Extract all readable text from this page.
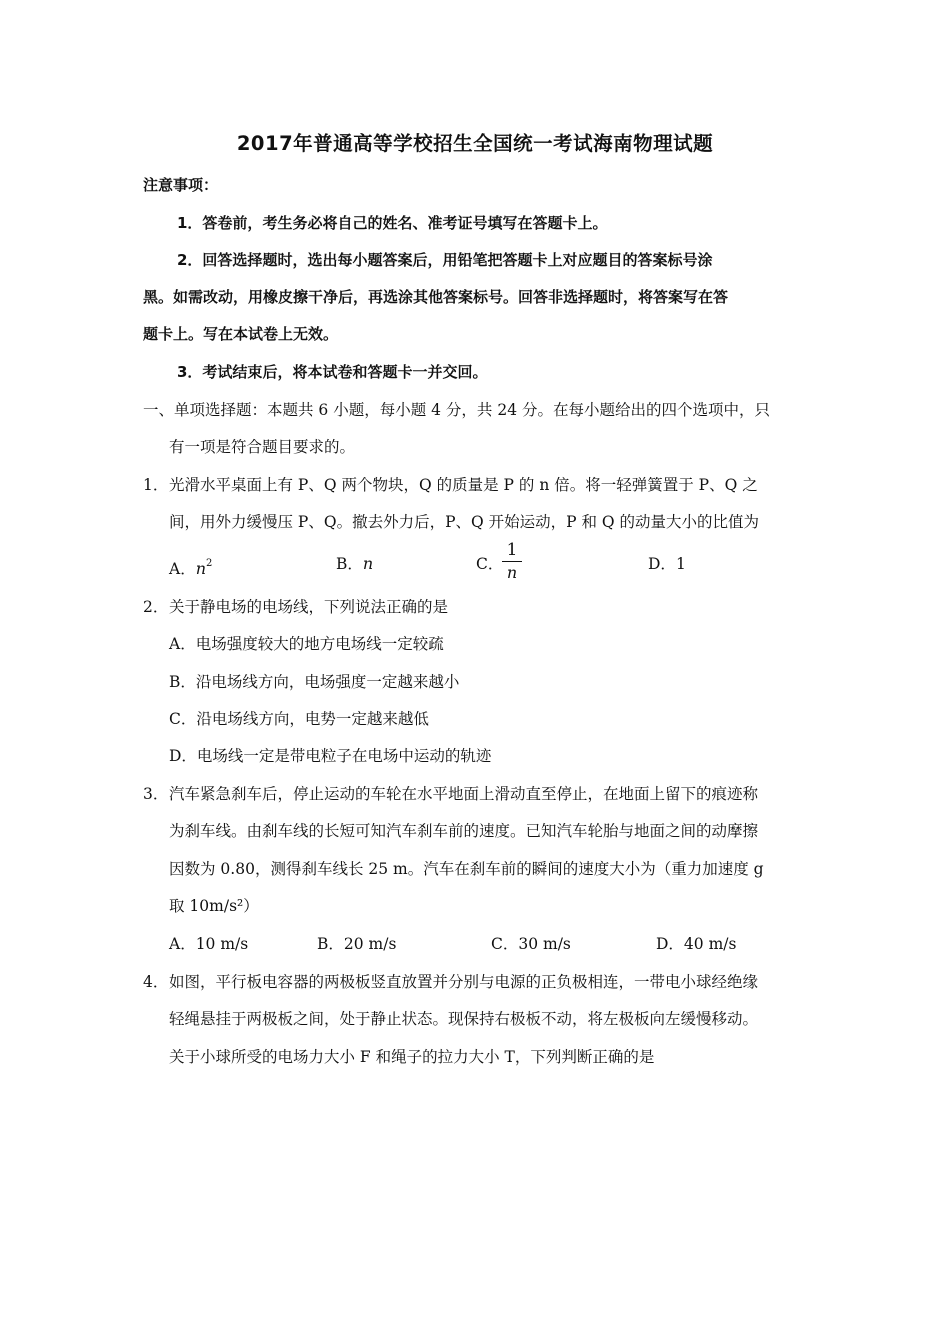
2017年普通高等学校招生全国统一考试海南物理试题
注意事项：
1．答卷前，考生务必将自己的姓名、准考证号填写在答题卡上。
2．回答选择题时，选出每小题答案后，用铅笔把答题卡上对应题目的答案标号涂
黑。如需改动，用橡皮擦干净后，再选涂其他答案标号。回答非选择题时，将答案写在答
题卡上。写在本试卷上无效。
3．考试结束后，将本试卷和答题卡一并交回。
一、单项选择题：本题共 6 小题，每小题 4 分，共 24 分。在每小题给出的四个选项中，只
有一项是符合题目要求的。
1． 光滑水平桌面上有 P、Q 两个物块，Q 的质量是 P 的 n 倍。将一轻弹簧置于 P、Q 之
间，用外力缓慢压 P、Q。撤去外力后，P、Q 开始运动，P 和 Q 的动量大小的比值为
A．$n^2$	B．n	C．
1
n	D．1
2． 关于静电场的电场线，下列说法正确的是
A．电场强度较大的地方电场线一定较疏
B．沿电场线方向，电场强度一定越来越小
C．沿电场线方向，电势一定越来越低
D．电场线一定是带电粒子在电场中运动的轨迹
3． 汽车紧急刹车后，停止运动的车轮在水平地面上滑动直至停止，在地面上留下的痕迹称
为刹车线。由刹车线的长短可知汽车刹车前的速度。已知汽车轮胎与地面之间的动摩擦
因数为 0.80，测得刹车线长 25 m。汽车在刹车前的瞬间的速度大小为（重力加速度 g
取 10m/s²）
A．10 m/s	B．20 m/s	C．30 m/s	D．40 m/s
4． 如图，平行板电容器的两极板竖直放置并分别与电源的正负极相连，一带电小球经绝缘
轻绳悬挂于两极板之间，处于静止状态。现保持右极板不动，将左极板向左缓慢移动。
关于小球所受的电场力大小 F 和绳子的拉力大小 T，下列判断正确的是
